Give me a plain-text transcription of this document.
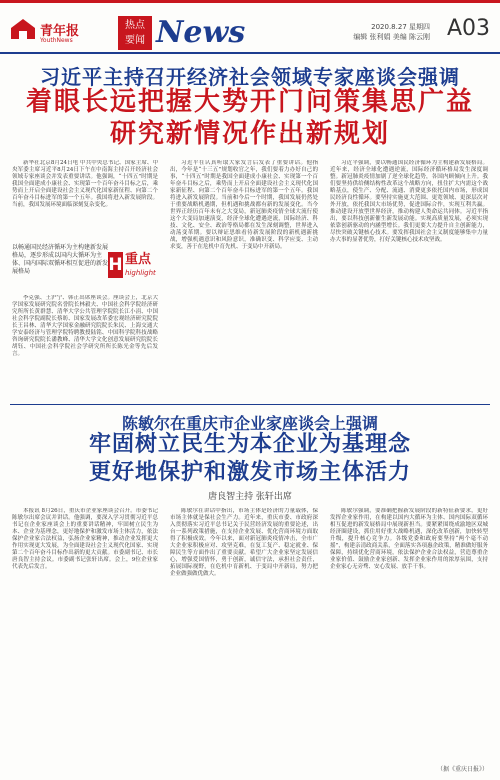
青年报
YouthNews
热点
要闻 News	2020.8.27 星期四
编辑 张利娟 美编 陈云刚 A03
习近平主持召开经济社会领域专家座谈会强调
着眼长远把握大势开门问策集思广益
研究新情况作出新规划

新华社北京8月24日电 中共中央总书记、国家主席、中央军委主席习近平8月24日下午在中南海主持召开经济社会领域专家座谈会并发表重要讲话。他强调，“十四五”时期是我国全面建成小康社会、实现第一个百年奋斗目标之后，乘势而上开启全面建设社会主义现代化国家新征程、向第二个百年奋斗目标进军的第一个五年。我国将进入新发展阶段。当前，我国发展环境面临深刻复杂变化。

以畅通国民经济循环为主构建新发展格局，逐步形成以国内大循环为主体、国内国际双循环相互促进的新发展格局	H 重点
highlight

李克强、王沪宁、韩正出席座谈会。座谈会上，北京大学国家发展研究院名誉院长林毅夫、中国社会科学院经济研究所所长黄群慧、清华大学公共管理学院院长江小涓、中国社会科学院副院长蔡昉、国家发展改革委宏观经济研究院院长王昌林、清华大学国家金融研究院院长朱民、上海交通大学安泰经济与管理学院特聘教授陆铭、中国科学院科技战略咨询研究院院长潘教峰、清华大学文化创意发展研究院院长胡钰、中国社会科学院社会学研究所所长陈光金等先后发言。

习近平在认真听取大家发言后发表了重要讲话。他指出，今年是“十三五”规划收官之年，我们要着力办好自己的事，“十四五”时期是我国全面建成小康社会、实现第一个百年奋斗目标之后，乘势而上开启全面建设社会主义现代化国家新征程、向第二个百年奋斗目标进军的第一个五年。我国将进入新发展阶段。当前和今后一个时期，我国发展仍然处于重要战略机遇期，但机遇和挑战都有新的发展变化。当今世界正经历百年未有之大变局，新冠肺炎疫情全球大流行使这个大变局加速演变，经济全球化遭遇逆流，国际经济、科技、文化、安全、政治等格局都在发生深刻调整，世界进入动荡变革期。要以辩证思维看待新发展阶段的新机遇新挑战，增强机遇意识和风险意识，准确识变、科学应变、主动求变，善于在危机中育先机、于变局中开新局。

习近平强调，要以畅通国民经济循环为主构建新发展格局。近年来，经济全球化遭遇逆流，国际经济循环格局发生深度调整。新冠肺炎疫情加剧了逆全球化趋势，各国内顾倾向上升。我们要坚持供给侧结构性改革这个战略方向，扭住扩大内需这个战略基点，使生产、分配、流通、消费更多依托国内市场，形成国民经济良性循环。要坚持实施更大范围、更宽领域、更深层次对外开放，依托我国大市场优势，促进国际合作，实现互利共赢。推动建设开放型世界经济，推动构建人类命运共同体。习近平指出，要以科技创新催生新发展动能。实现高质量发展，必须实现依靠创新驱动的内涵型增长。我们更要大力提升自主创新能力，尽快突破关键核心技术。要发挥我国社会主义制度能够集中力量办大事的显著优势，打好关键核心技术攻坚战。

陈敏尔在重庆市企业家座谈会上强调
牢固树立民生为本企业为基理念
更好地保护和激发市场主体活力
唐良智主持 张轩出席

本报讯 8月26日，重庆市企业家座谈会召开。市委书记陈敏尔出席会议并讲话。他强调，要深入学习贯彻习近平总书记在企业家座谈会上的重要讲话精神，牢固树立民生为本、企业为基理念，更好地保护和激发市场主体活力，依法保护企业家合法权益，弘扬企业家精神，推动企业发挥更大作用实现更大发展，为全面建设社会主义现代化国家、实现第二个百年奋斗目标作出新的更大贡献。市委副书记、市长唐良智主持会议。市委副书记张轩出席。会上，9位企业家代表先后发言。

陈敏尔在讲话中指出，市场主体是经济的力量载体，保市场主体就是保社会生产力。近年来，重庆市委、市政府深入贯彻落实习近平总书记关于民营经济发展的重要论述，出台一系列政策措施，在支持企业发展、优化营商环境方面取得了积极成效。今年以来，面对新冠肺炎疫情冲击，全市广大企业家积极应对、攻坚克难，在复工复产、稳定就业、保障民生等方面作出了重要贡献。希望广大企业家坚定发展信心，增强爱国情怀，勇于创新，诚信守法，承担社会责任，拓展国际视野，在危机中育新机、于变局中开新局，努力把企业做强做优做大。

陈敏尔强调，要准确把握新发展阶段的新特征新要求，更好发挥企业家作用，在构建以国内大循环为主体、国内国际双循环相互促进的新发展格局中展现新担当。要紧紧围绕成渝地区双城经济圈建设，抓住用好重大战略机遇，深化改革创新，加快转型升级，提升核心竞争力。各级党委和政府要坚持“两个毫不动摇”，构建亲清政商关系，全面落实各项惠企政策，精准做好服务保障，持续优化营商环境，依法保护企业合法权益，营造尊重企业家价值、鼓励企业家创新、发挥企业家作用的浓厚氛围，支持企业家心无旁骛、安心发展、放手干事。

（据《重庆日报》）
